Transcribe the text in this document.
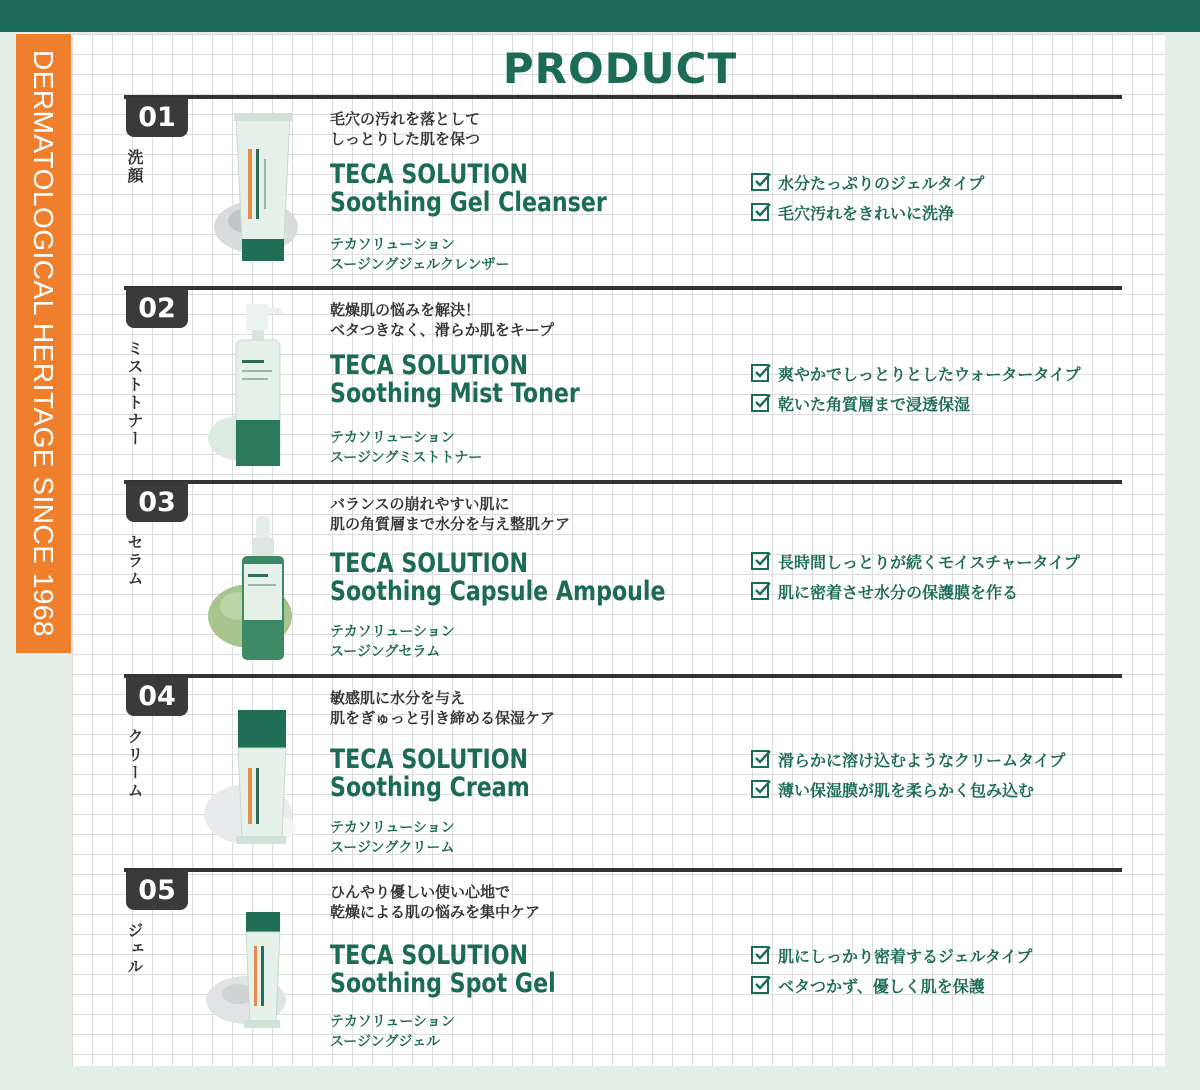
DERMATOLOGICAL HERITAGE SINCE 1968	PRODUCT
01
洗顔
毛穴の汚れを落として
しっとりした肌を保つ
TECA SOLUTION
Soothing Gel Cleanser
テカソリューション
スージングジェルクレンザー
水分たっぷりのジェルタイプ
毛穴汚れをきれいに洗浄
02
ミストトナー
乾燥肌の悩みを解決！
ベタつきなく、滑らか肌をキープ
TECA SOLUTION
Soothing Mist Toner
テカソリューション
スージングミストトナー
爽やかでしっとりとしたウォータータイプ
乾いた角質層まで浸透保湿
03
セラム
バランスの崩れやすい肌に
肌の角質層まで水分を与え整肌ケア
TECA SOLUTION
Soothing Capsule Ampoule
テカソリューション
スージングセラム
長時間しっとりが続くモイスチャータイプ
肌に密着させ水分の保護膜を作る
04
クリーム
敏感肌に水分を与え
肌をぎゅっと引き締める保湿ケア
TECA SOLUTION
Soothing Cream
テカソリューション
スージングクリーム
滑らかに溶け込むようなクリームタイプ
薄い保湿膜が肌を柔らかく包み込む
05
ジェル
ひんやり優しい使い心地で
乾燥による肌の悩みを集中ケア
TECA SOLUTION
Soothing Spot Gel
テカソリューション
スージングジェル
肌にしっかり密着するジェルタイプ
ベタつかず、優しく肌を保護
